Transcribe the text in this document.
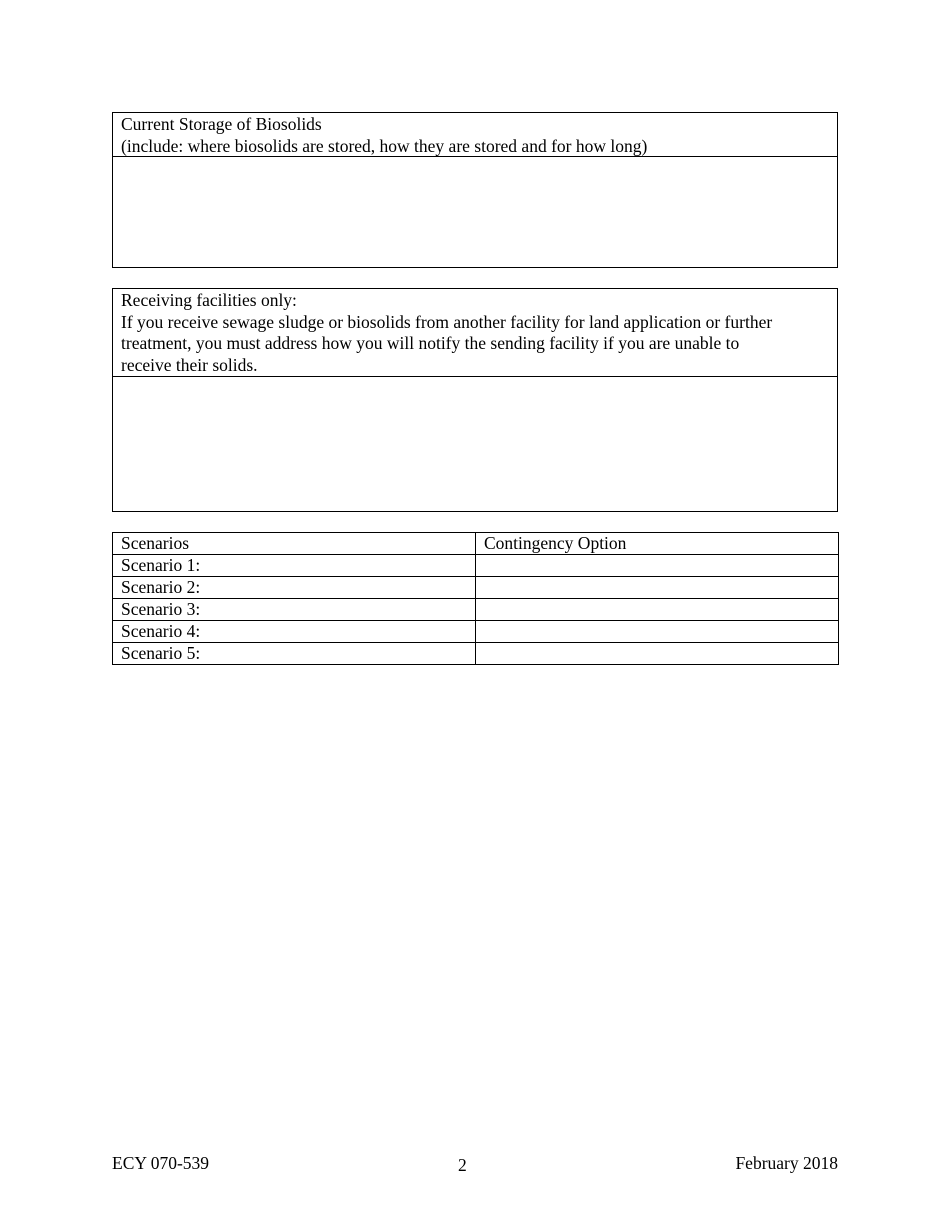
Current Storage of Biosolids
(include: where biosolids are stored, how they are stored and for how long)
Receiving facilities only:
If you receive sewage sludge or biosolids from another facility for land application or further
treatment, you must address how you will notify the sending facility if you are unable to
receive their solids.
Scenarios	Contingency Option
Scenario 1:	
Scenario 2:	
Scenario 3:	
Scenario 4:	
Scenario 5:	
ECY 070-539	2	February 2018
